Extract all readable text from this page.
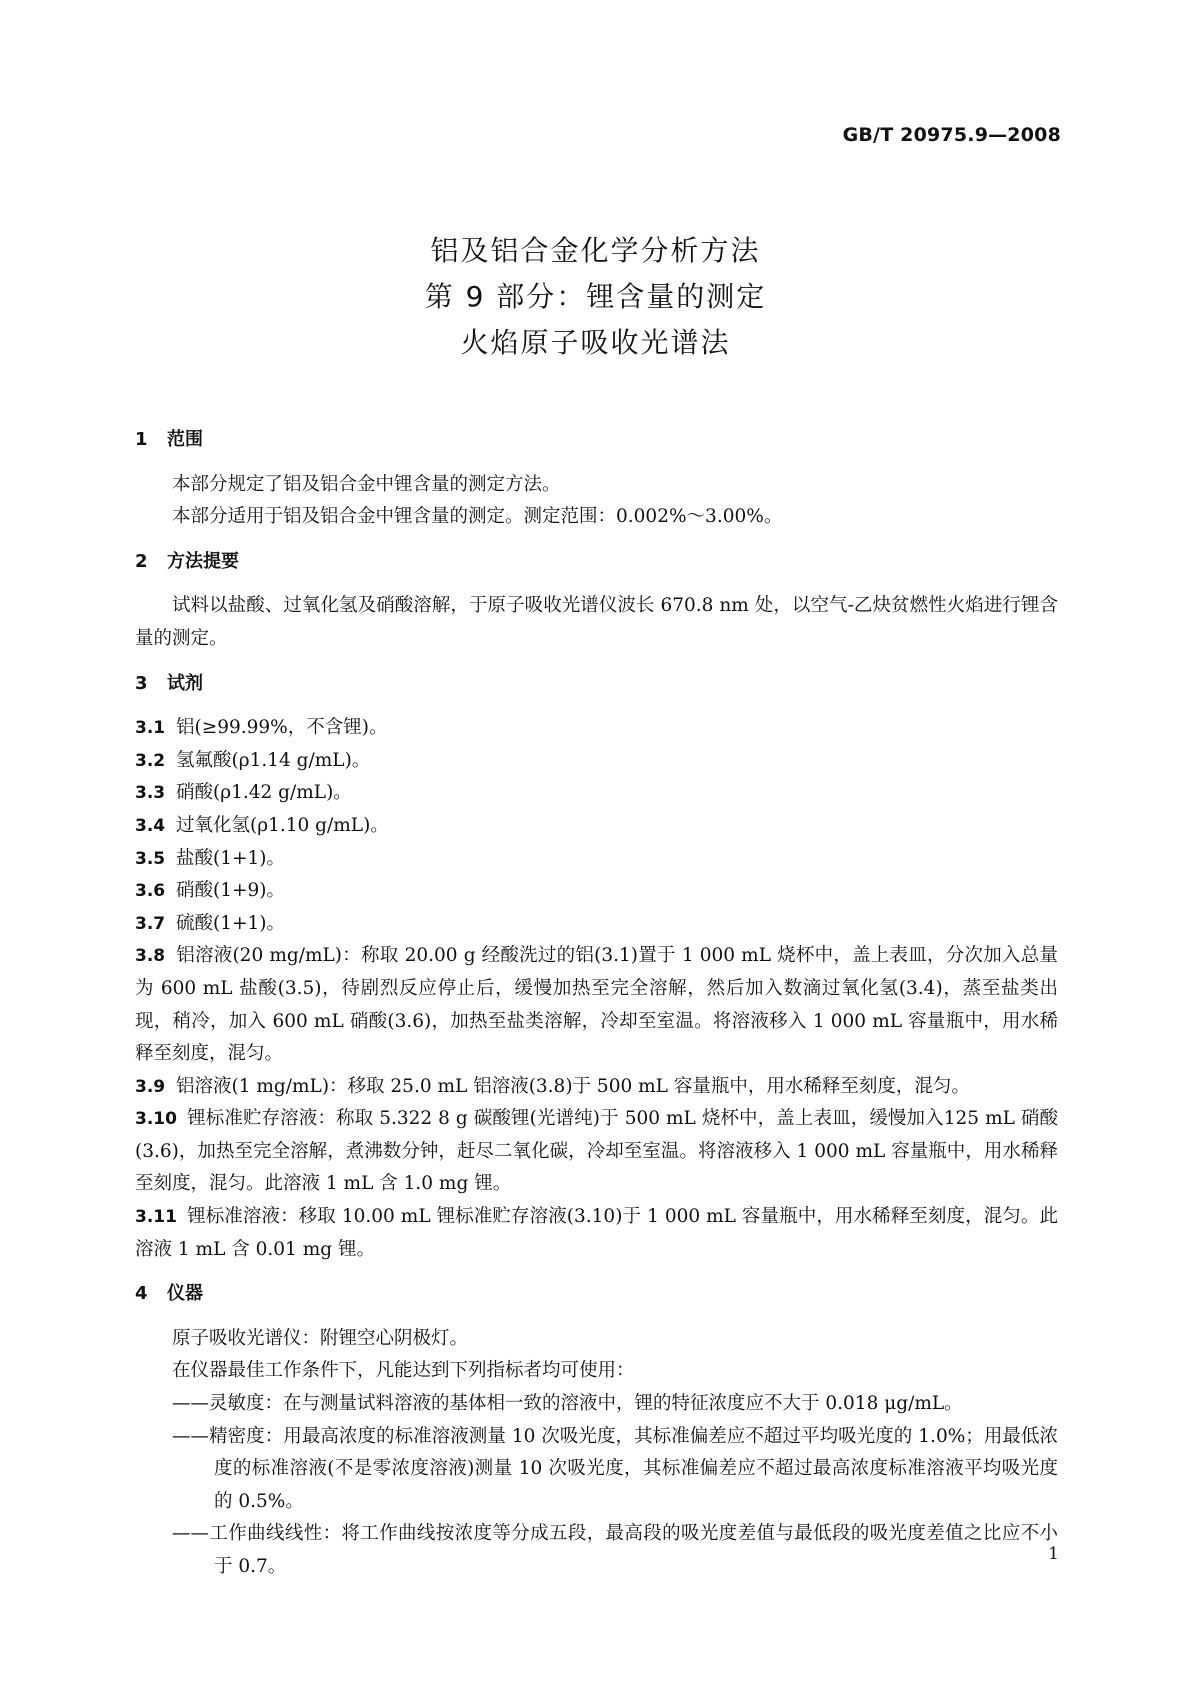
GB/T 20975.9—2008
铝及铝合金化学分析方法
第 9 部分：锂含量的测定
火焰原子吸收光谱法
1 范围

本部分规定了铝及铝合金中锂含量的测定方法。

本部分适用于铝及铝合金中锂含量的测定。测定范围：0.002%～3.00%。

2 方法提要

试料以盐酸、过氧化氢及硝酸溶解，于原子吸收光谱仪波长 670.8 nm 处，以空气-乙炔贫燃性火焰进行锂含量的测定。

3 试剂

3.1 铝(≥99.99%，不含锂)。

3.2 氢氟酸(ρ1.14 g/mL)。

3.3 硝酸(ρ1.42 g/mL)。

3.4 过氧化氢(ρ1.10 g/mL)。

3.5 盐酸(1+1)。

3.6 硝酸(1+9)。

3.7 硫酸(1+1)。

3.8 铝溶液(20 mg/mL)：称取 20.00 g 经酸洗过的铝(3.1)置于 1 000 mL 烧杯中，盖上表皿，分次加入总量为 600 mL 盐酸(3.5)，待剧烈反应停止后，缓慢加热至完全溶解，然后加入数滴过氧化氢(3.4)，蒸至盐类出现，稍冷，加入 600 mL 硝酸(3.6)，加热至盐类溶解，冷却至室温。将溶液移入 1 000 mL 容量瓶中，用水稀释至刻度，混匀。

3.9 铝溶液(1 mg/mL)：移取 25.0 mL 铝溶液(3.8)于 500 mL 容量瓶中，用水稀释至刻度，混匀。

3.10 锂标准贮存溶液：称取 5.322 8 g 碳酸锂(光谱纯)于 500 mL 烧杯中，盖上表皿，缓慢加入125 mL 硝酸(3.6)，加热至完全溶解，煮沸数分钟，赶尽二氧化碳，冷却至室温。将溶液移入 1 000 mL 容量瓶中，用水稀释至刻度，混匀。此溶液 1 mL 含 1.0 mg 锂。

3.11 锂标准溶液：移取 10.00 mL 锂标准贮存溶液(3.10)于 1 000 mL 容量瓶中，用水稀释至刻度，混匀。此溶液 1 mL 含 0.01 mg 锂。

4 仪器

原子吸收光谱仪：附锂空心阴极灯。

在仪器最佳工作条件下，凡能达到下列指标者均可使用：

——灵敏度：在与测量试料溶液的基体相一致的溶液中，锂的特征浓度应不大于 0.018 μg/mL。

——精密度：用最高浓度的标准溶液测量 10 次吸光度，其标准偏差应不超过平均吸光度的 1.0%；用最低浓度的标准溶液(不是零浓度溶液)测量 10 次吸光度，其标准偏差应不超过最高浓度标准溶液平均吸光度的 0.5%。

——工作曲线线性：将工作曲线按浓度等分成五段，最高段的吸光度差值与最低段的吸光度差值之比应不小于 0.7。

1
